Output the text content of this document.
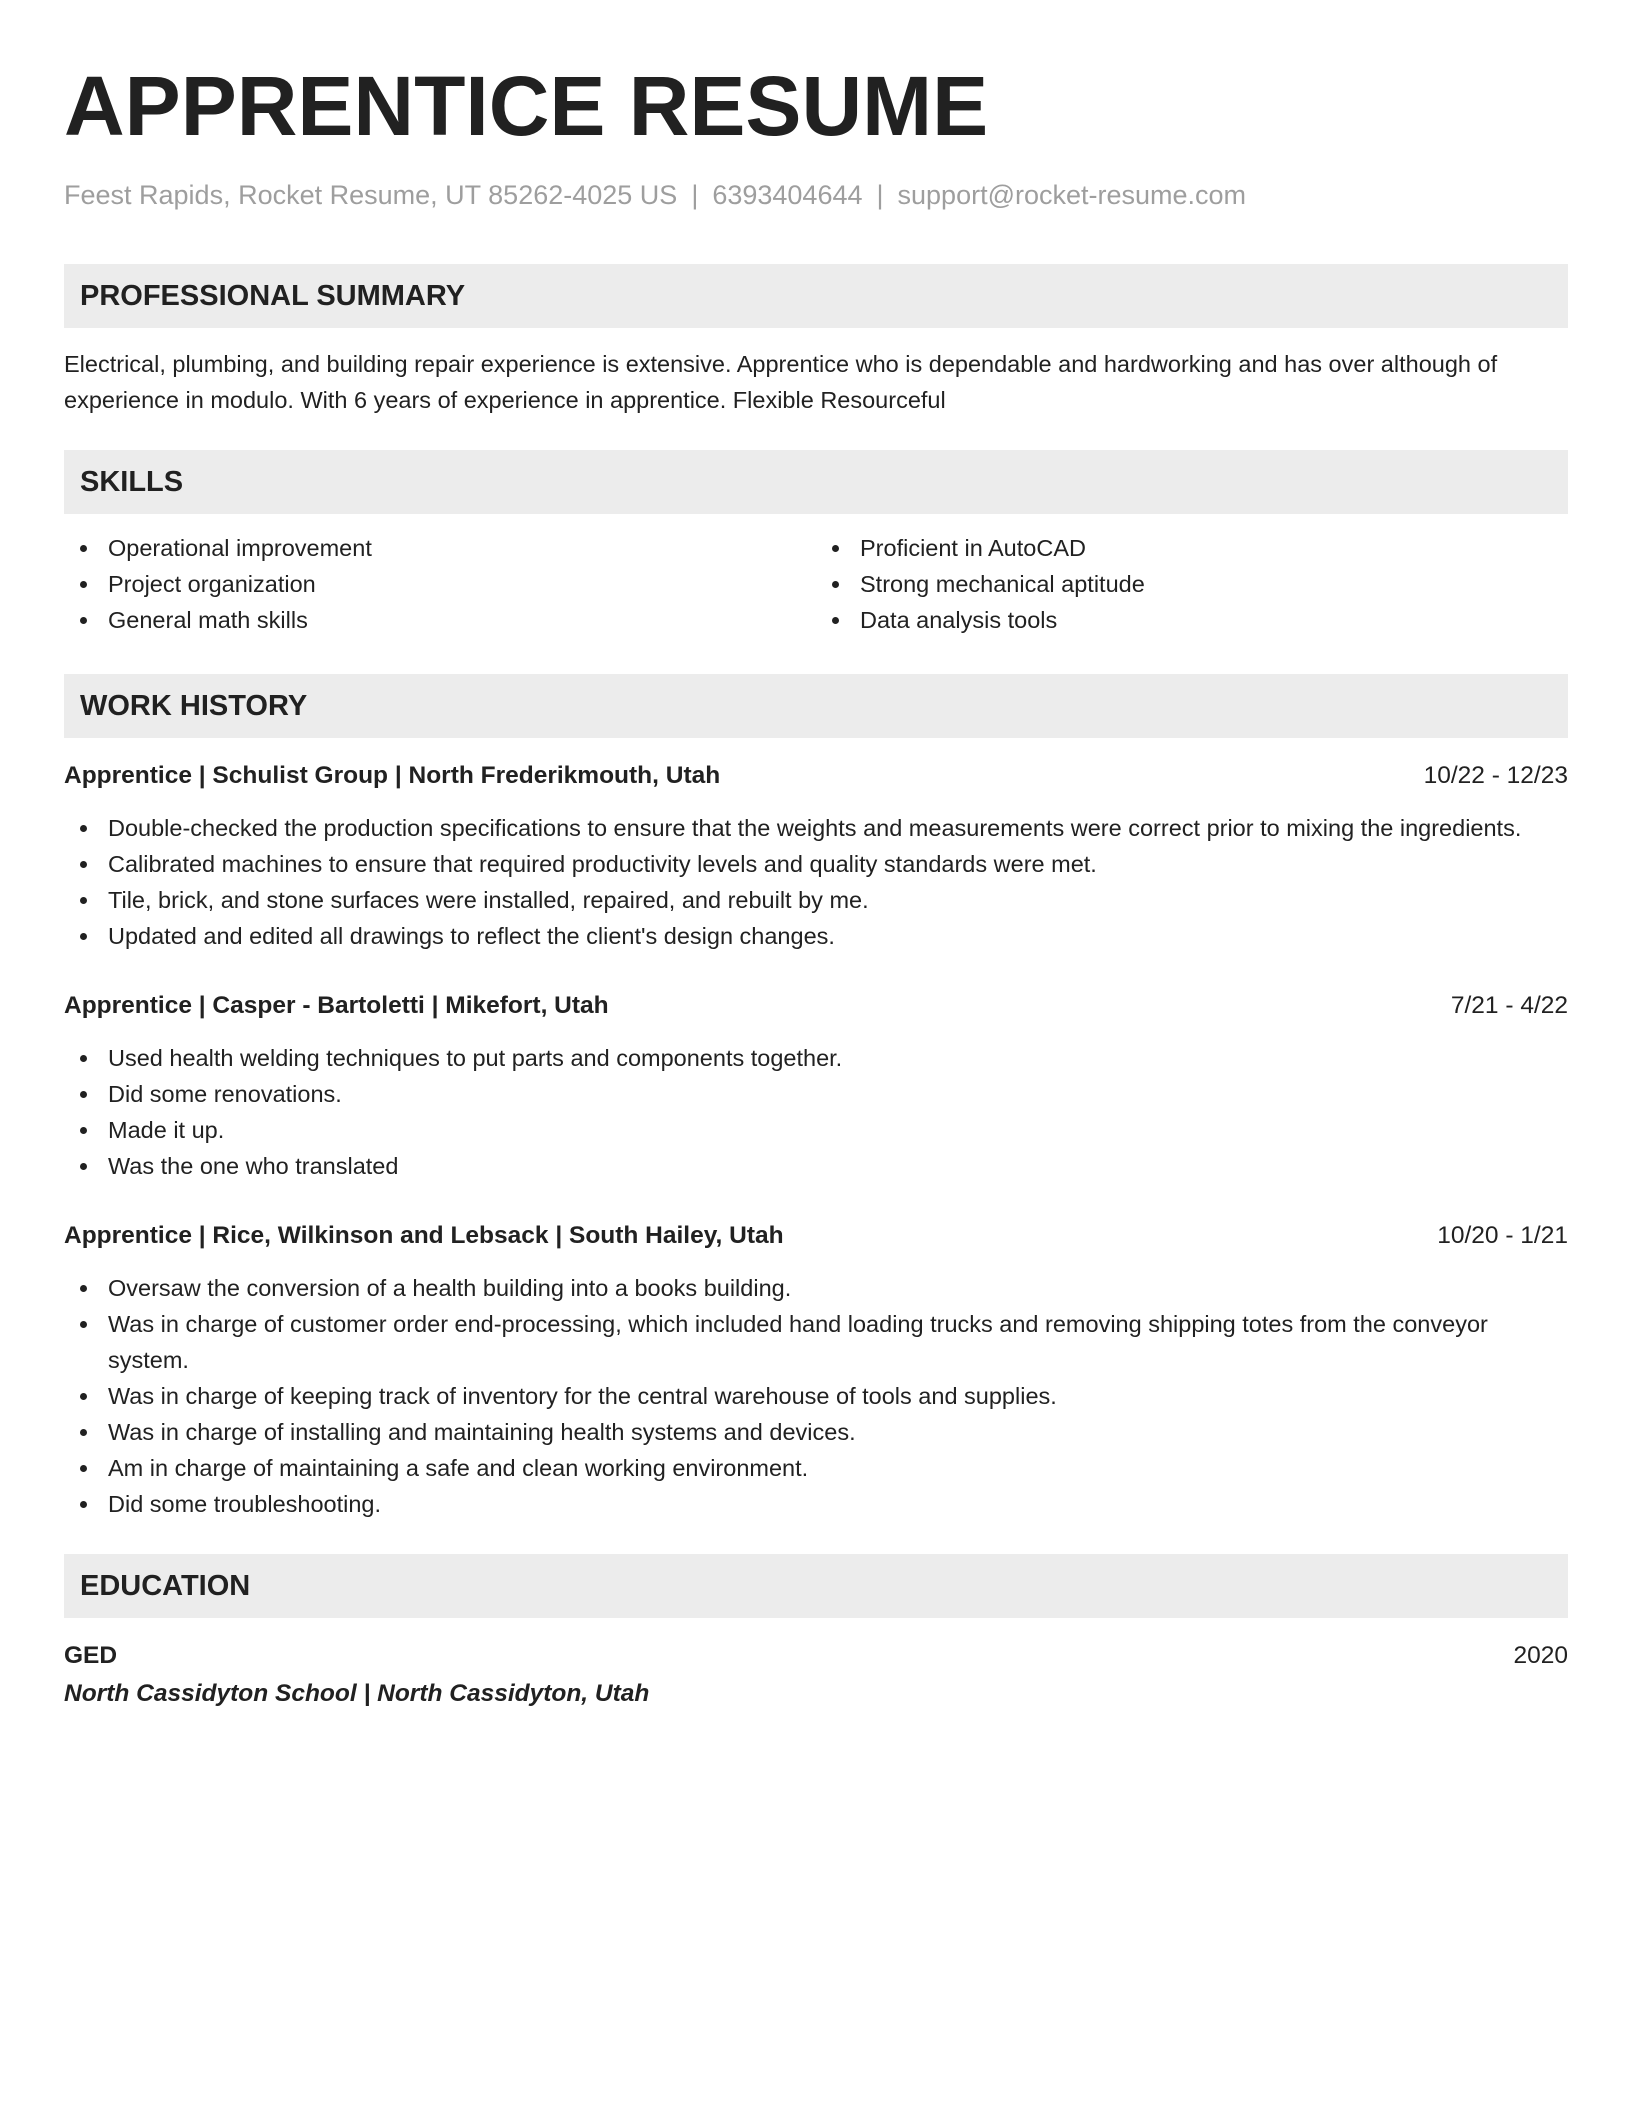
APPRENTICE RESUME
Feest Rapids, Rocket Resume, UT 85262-4025 US | 6393404644 | support@rocket-resume.com
PROFESSIONAL SUMMARY
Electrical, plumbing, and building repair experience is extensive. Apprentice who is dependable and hardworking and has over although of experience in modulo. With 6 years of experience in apprentice. Flexible Resourceful
SKILLS
Operational improvement
Project organization
General math skills
Proficient in AutoCAD
Strong mechanical aptitude
Data analysis tools
WORK HISTORY
Apprentice | Schulist Group | North Frederikmouth, Utah	10/22 - 12/23
Double-checked the production specifications to ensure that the weights and measurements were correct prior to mixing the ingredients.
Calibrated machines to ensure that required productivity levels and quality standards were met.
Tile, brick, and stone surfaces were installed, repaired, and rebuilt by me.
Updated and edited all drawings to reflect the client's design changes.
Apprentice | Casper - Bartoletti | Mikefort, Utah	7/21 - 4/22
Used health welding techniques to put parts and components together.
Did some renovations.
Made it up.
Was the one who translated
Apprentice | Rice, Wilkinson and Lebsack | South Hailey, Utah	10/20 - 1/21
Oversaw the conversion of a health building into a books building.
Was in charge of customer order end-processing, which included hand loading trucks and removing shipping totes from the conveyor system.
Was in charge of keeping track of inventory for the central warehouse of tools and supplies.
Was in charge of installing and maintaining health systems and devices.
Am in charge of maintaining a safe and clean working environment.
Did some troubleshooting.
EDUCATION
GED	2020
North Cassidyton School | North Cassidyton, Utah
